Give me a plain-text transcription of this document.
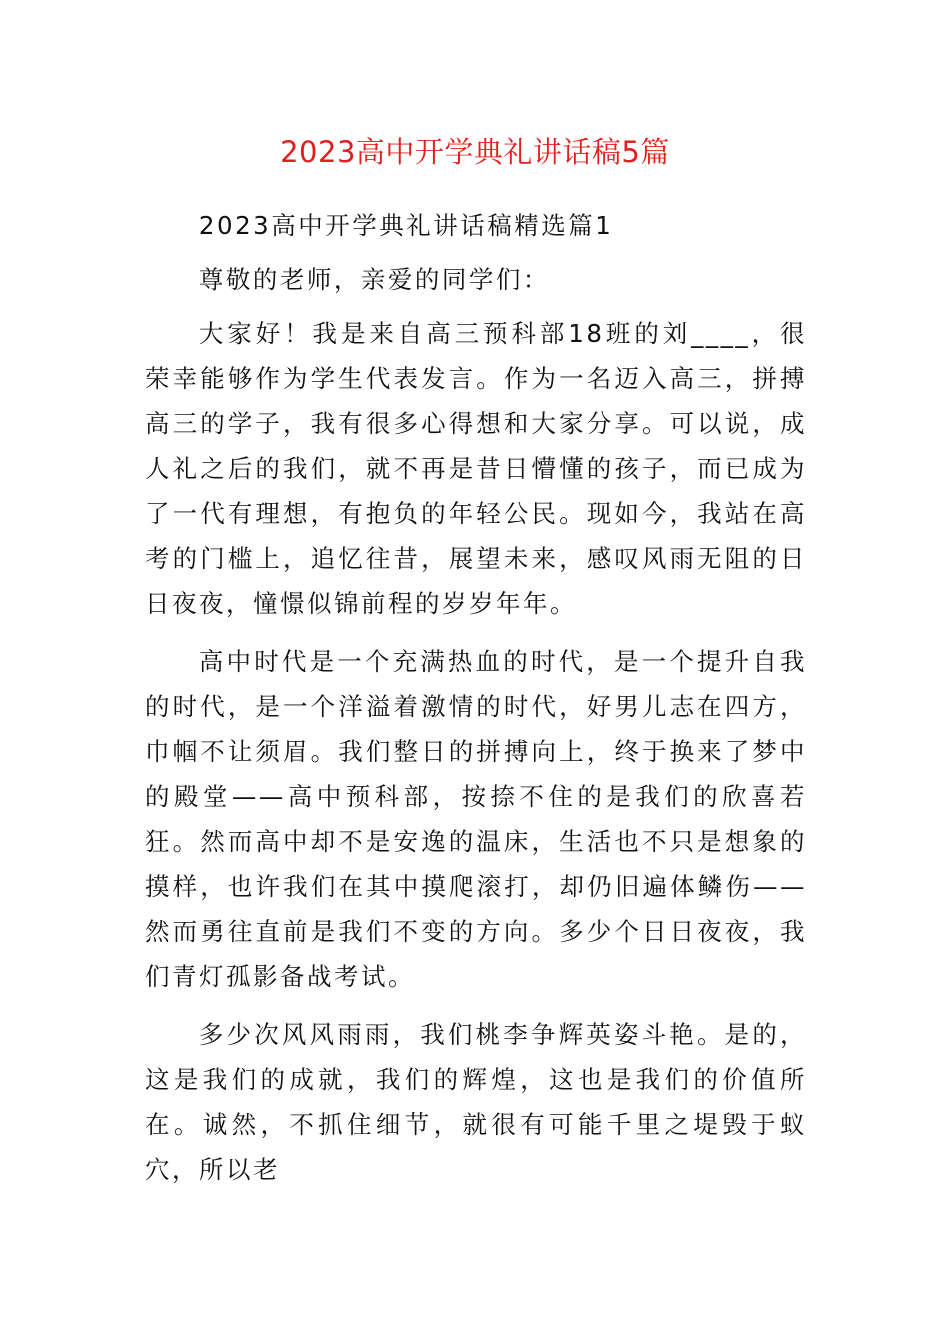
2023高中开学典礼讲话稿5篇

2023高中开学典礼讲话稿精选篇1

尊敬的老师，亲爱的同学们：

大家好！我是来自高三预科部18班的刘____，很荣幸能够作为学生代表发言。作为一名迈入高三，拼搏高三的学子，我有很多心得想和大家分享。可以说，成人礼之后的我们，就不再是昔日懵懂的孩子，而已成为了一代有理想，有抱负的年轻公民。现如今，我站在高考的门槛上，追忆往昔，展望未来，感叹风雨无阻的日日夜夜，憧憬似锦前程的岁岁年年。

高中时代是一个充满热血的时代，是一个提升自我的时代，是一个洋溢着激情的时代，好男儿志在四方，巾帼不让须眉。我们整日的拼搏向上，终于换来了梦中的殿堂——高中预科部，按捺不住的是我们的欣喜若狂。然而高中却不是安逸的温床，生活也不只是想象的摸样，也许我们在其中摸爬滚打，却仍旧遍体鳞伤——然而勇往直前是我们不变的方向。多少个日日夜夜，我们青灯孤影备战考试。

多少次风风雨雨，我们桃李争辉英姿斗艳。是的，这是我们的成就，我们的辉煌，这也是我们的价值所在。诚然，不抓住细节，就很有可能千里之堤毁于蚁穴，所以老
